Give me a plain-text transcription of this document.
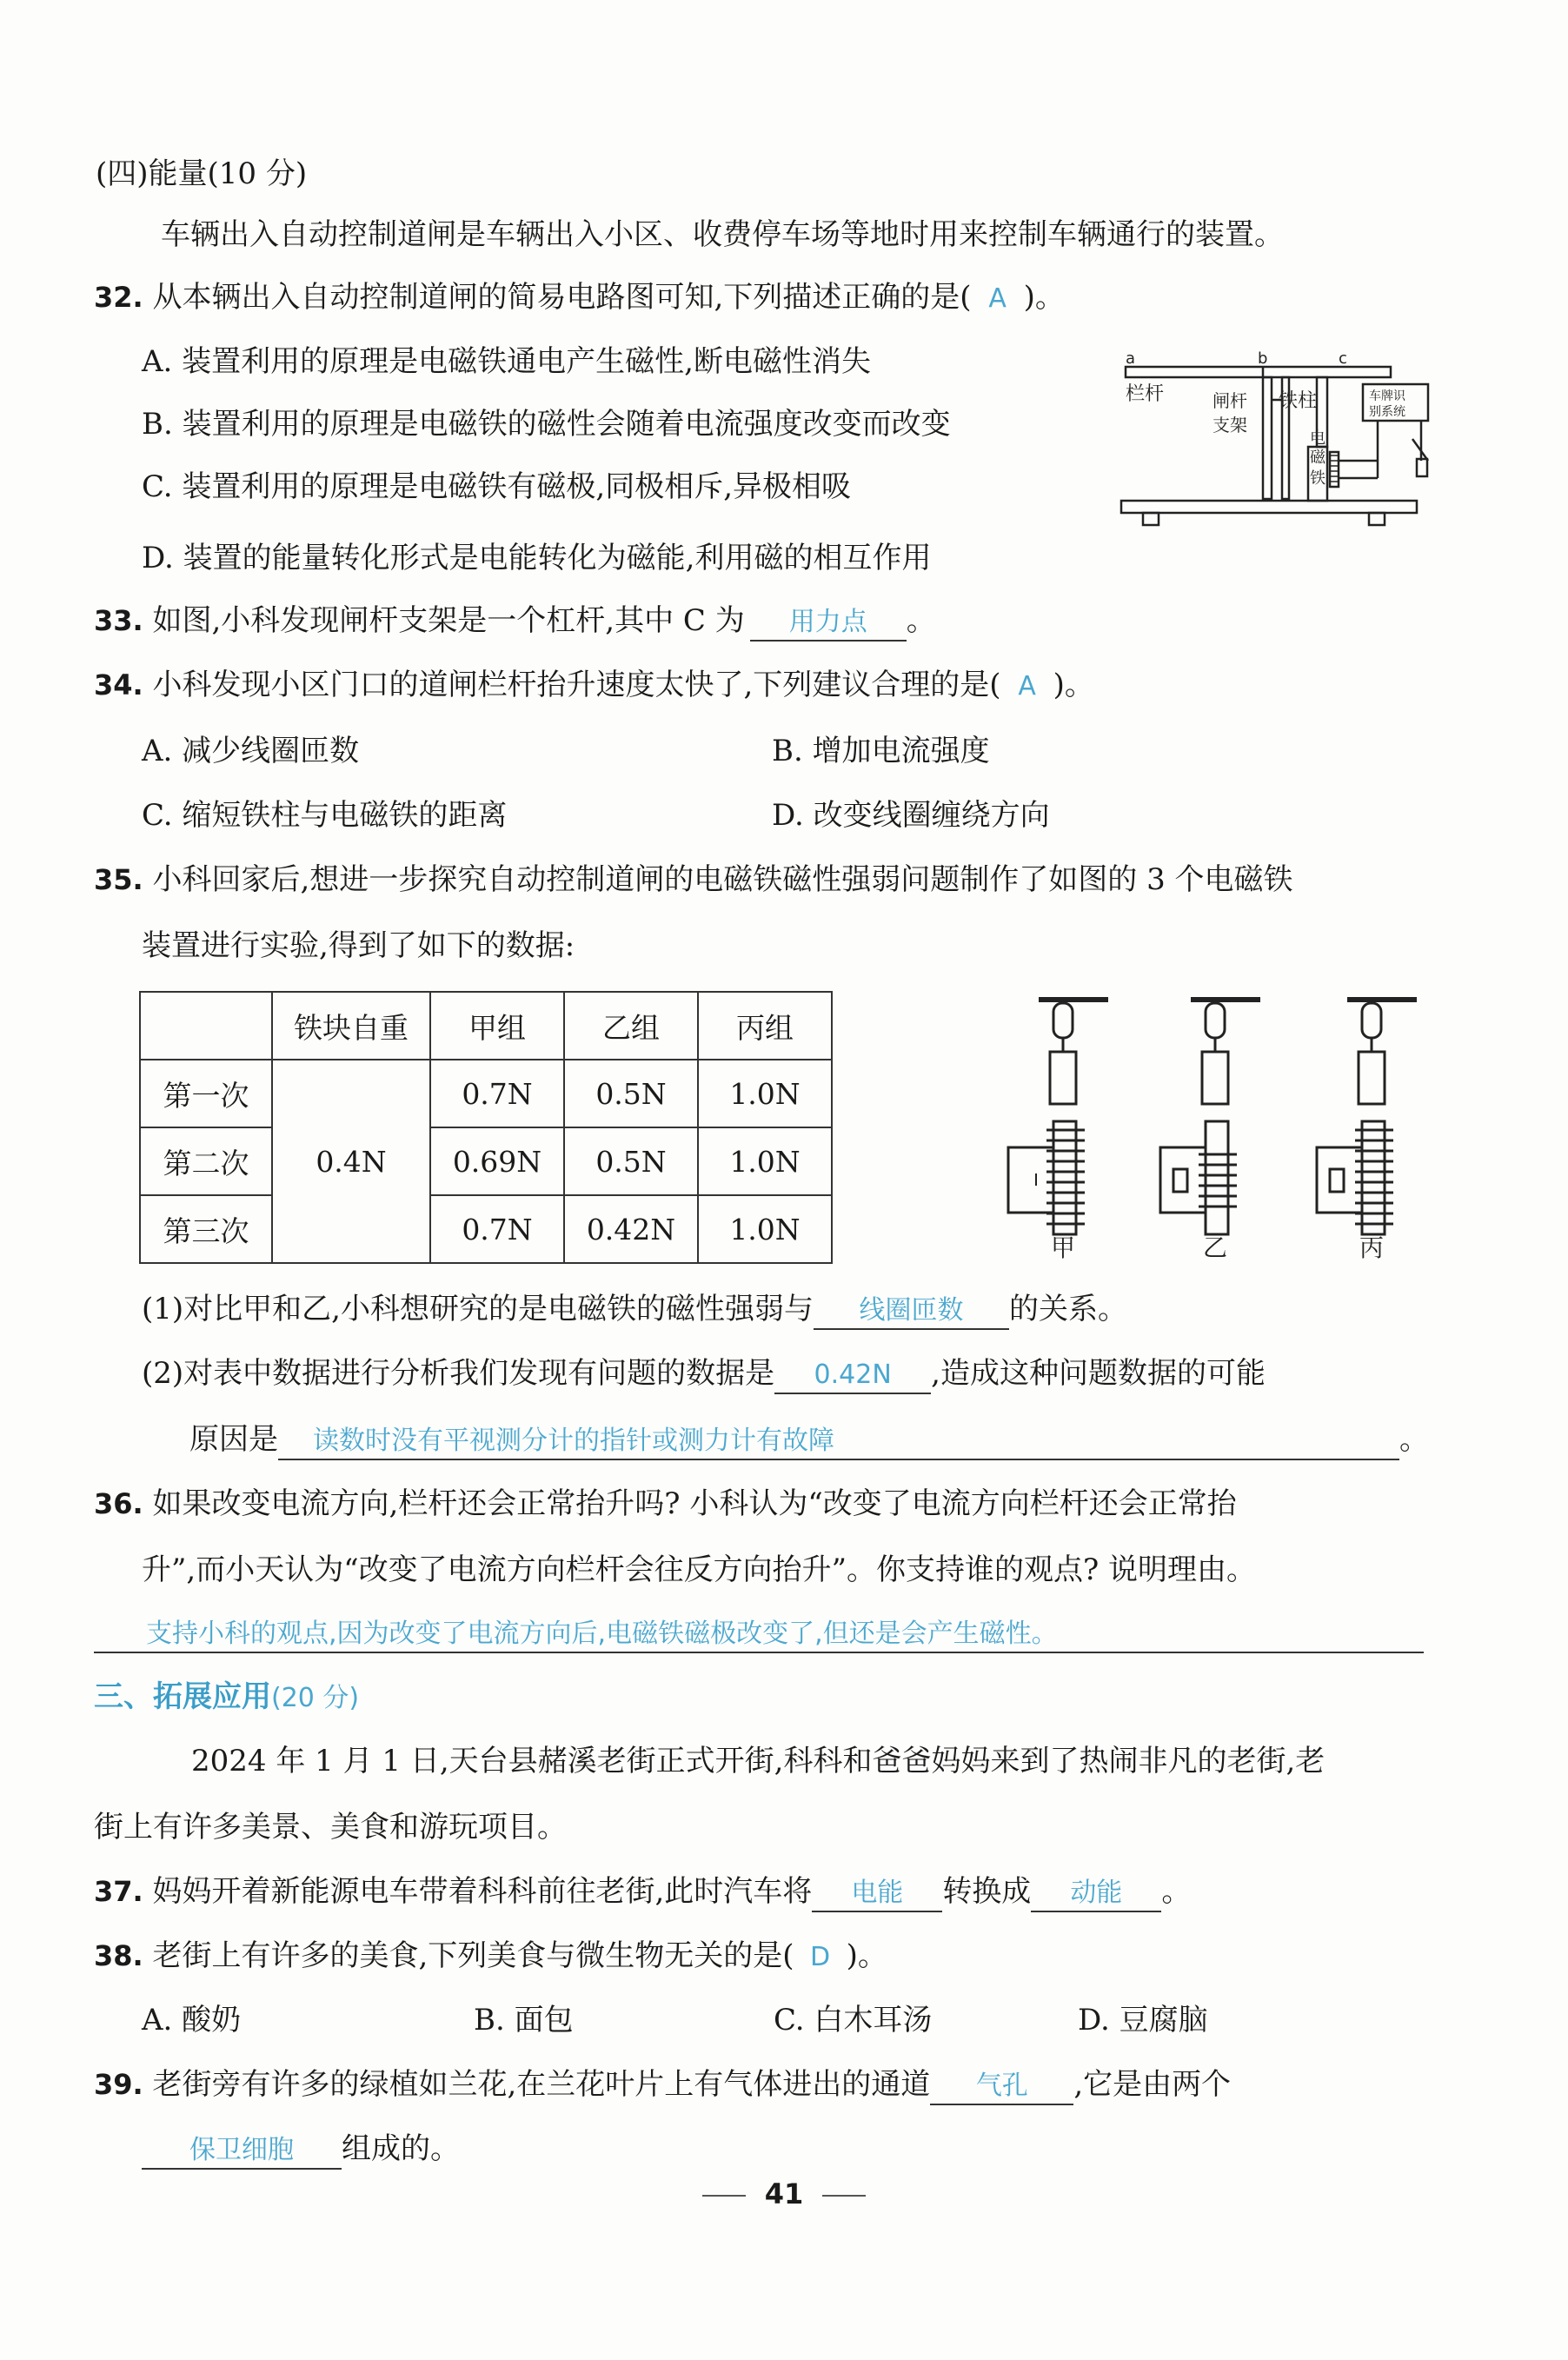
(四)能量(10 分)
车辆出入自动控制道闸是车辆出入小区、收费停车场等地时用来控制车辆通行的装置。
32. 从本辆出入自动控制道闸的简易电路图可知,下列描述正确的是( A )。
A. 装置利用的原理是电磁铁通电产生磁性,断电磁性消失
B. 装置利用的原理是电磁铁的磁性会随着电流强度改变而改变
C. 装置利用的原理是电磁铁有磁极,同极相斥,异极相吸
D. 装置的能量转化形式是电能转化为磁能,利用磁的相互作用
a	b	c
栏杆	闸杆
支架
铁柱
电
磁
铁
车牌识
别系统
33. 如图,小科发现闸杆支架是一个杠杆,其中 C 为 用力点 。
34. 小科发现小区门口的道闸栏杆抬升速度太快了,下列建议合理的是( A )。
A. 减少线圈匝数	B. 增加电流强度
C. 缩短铁柱与电磁铁的距离	D. 改变线圈缠绕方向
35. 小科回家后,想进一步探究自动控制道闸的电磁铁磁性强弱问题制作了如图的 3 个电磁铁
装置进行实验,得到了如下的数据:
	铁块自重	甲组	乙组	丙组
第一次	0.4N	0.7N	0.5N	1.0N
第二次		0.69N	0.5N	1.0N
第三次		0.7N	0.42N	1.0N
甲	乙	丙
(1)对比甲和乙,小科想研究的是电磁铁的磁性强弱与 线圈匝数 的关系。
(2)对表中数据进行分析我们发现有问题的数据是 0.42N ,造成这种问题数据的可能
原因是 读数时没有平视测分计的指针或测力计有故障	。
36. 如果改变电流方向,栏杆还会正常抬升吗? 小科认为“改变了电流方向栏杆还会正常抬
升”,而小天认为“改变了电流方向栏杆会往反方向抬升”。你支持谁的观点? 说明理由。
支持小科的观点,因为改变了电流方向后,电磁铁磁极改变了,但还是会产生磁性。
三、拓展应用(20 分)
2024 年 1 月 1 日,天台县赭溪老街正式开街,科科和爸爸妈妈来到了热闹非凡的老街,老
街上有许多美景、美食和游玩项目。
37. 妈妈开着新能源电车带着科科前往老街,此时汽车将 电能 转换成 动能 。
38. 老街上有许多的美食,下列美食与微生物无关的是( D )。
A. 酸奶	B. 面包	C. 白木耳汤	D. 豆腐脑
39. 老街旁有许多的绿植如兰花,在兰花叶片上有气体进出的通道 气孔 ,它是由两个
保卫细胞 组成的。
41
